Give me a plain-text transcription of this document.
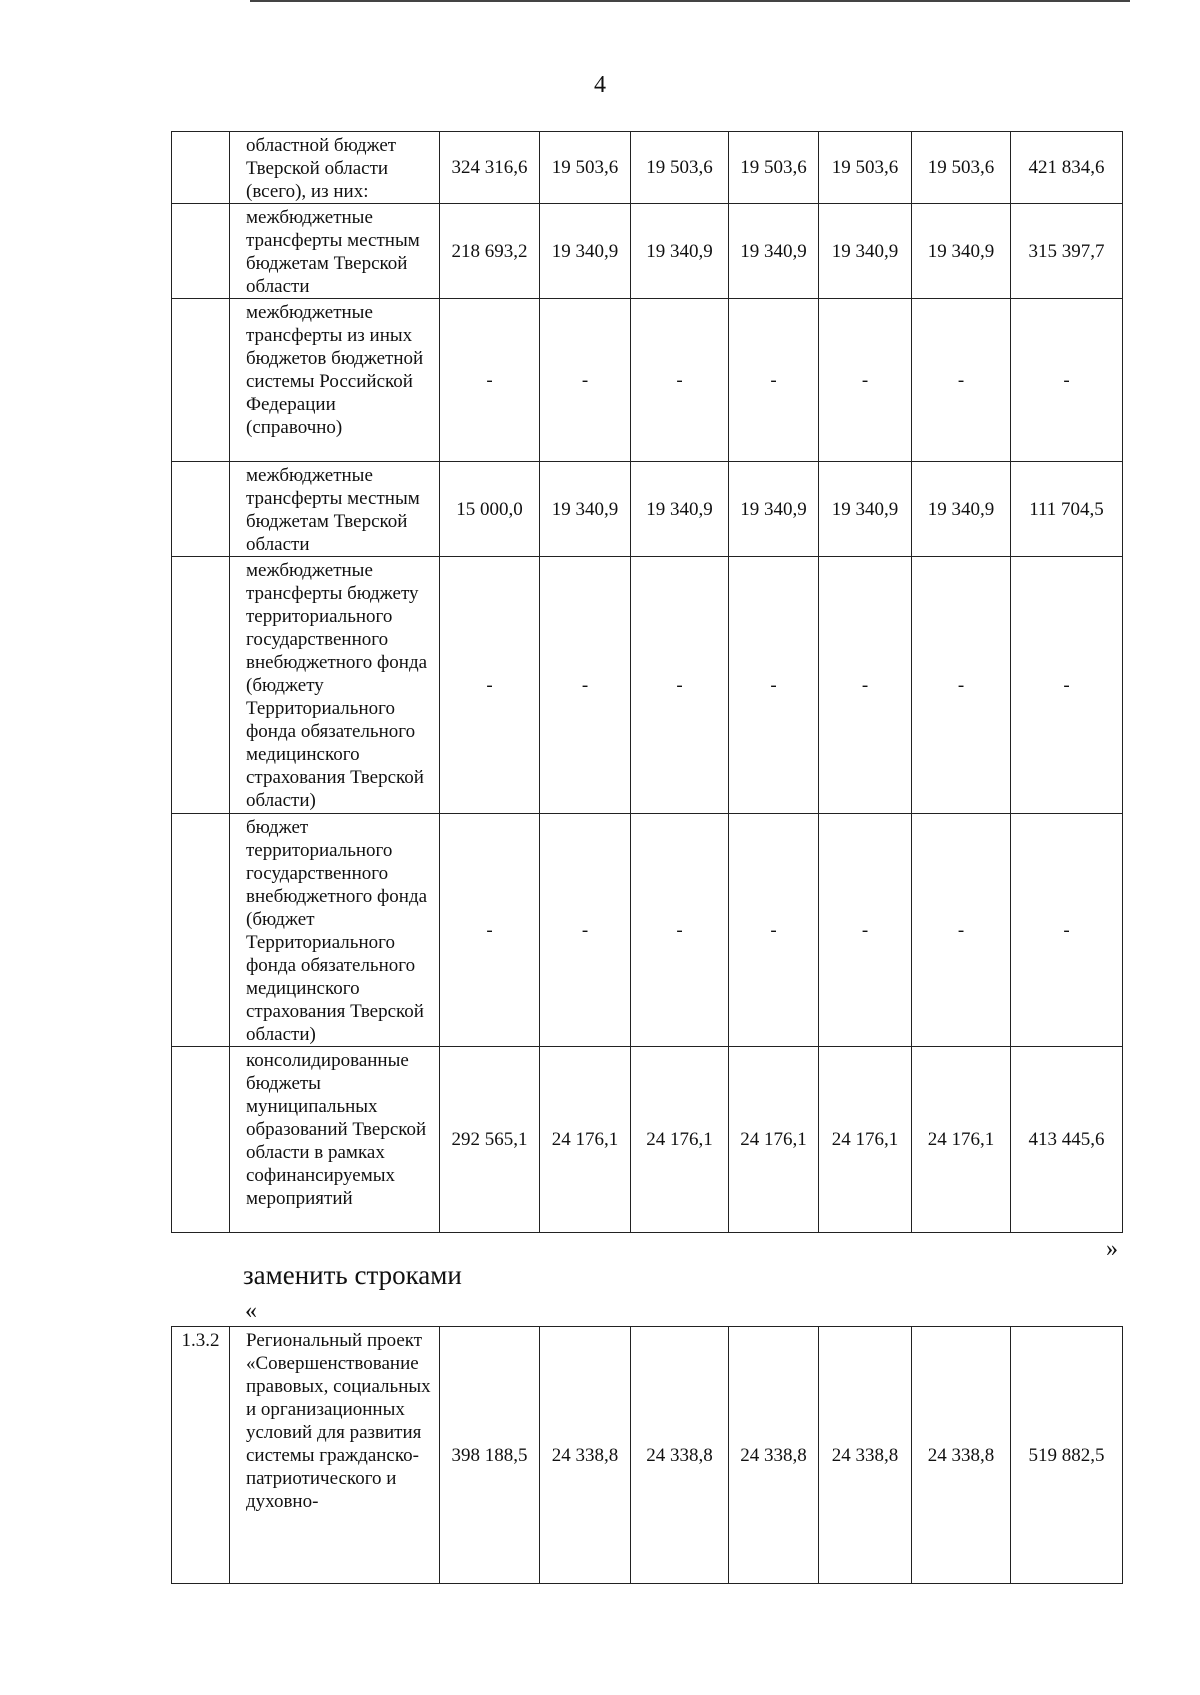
4
	областной бюджет Тверской области (всего), из них:	324 316,6	19 503,6	19 503,6	19 503,6	19 503,6	19 503,6	421 834,6
	межбюджетные трансферты местным бюджетам Тверской области	218 693,2	19 340,9	19 340,9	19 340,9	19 340,9	19 340,9	315 397,7
	межбюджетные трансферты из иных бюджетов бюджетной системы Российской Федерации (справочно)	-	-	-	-	-	-	-
	межбюджетные трансферты местным бюджетам Тверской области	15 000,0	19 340,9	19 340,9	19 340,9	19 340,9	19 340,9	111 704,5
	межбюджетные трансферты бюджету территориального государственного внебюджетного фонда (бюджету Территориального фонда обязательного медицинского страхования Тверской области)	-	-	-	-	-	-	-
	бюджет территориального государственного внебюджетного фонда (бюджет Территориального фонда обязательного медицинского страхования Тверской области)	-	-	-	-	-	-	-
	консолидированные бюджеты муниципальных образований Тверской области в рамках софинансируемых мероприятий	292 565,1	24 176,1	24 176,1	24 176,1	24 176,1	24 176,1	413 445,6
»
заменить строками
«
1.3.2	Региональный проект «Совершенствование правовых, социальных и организационных условий для развития системы гражданско-патриотического и духовно-	398 188,5	24 338,8	24 338,8	24 338,8	24 338,8	24 338,8	519 882,5
